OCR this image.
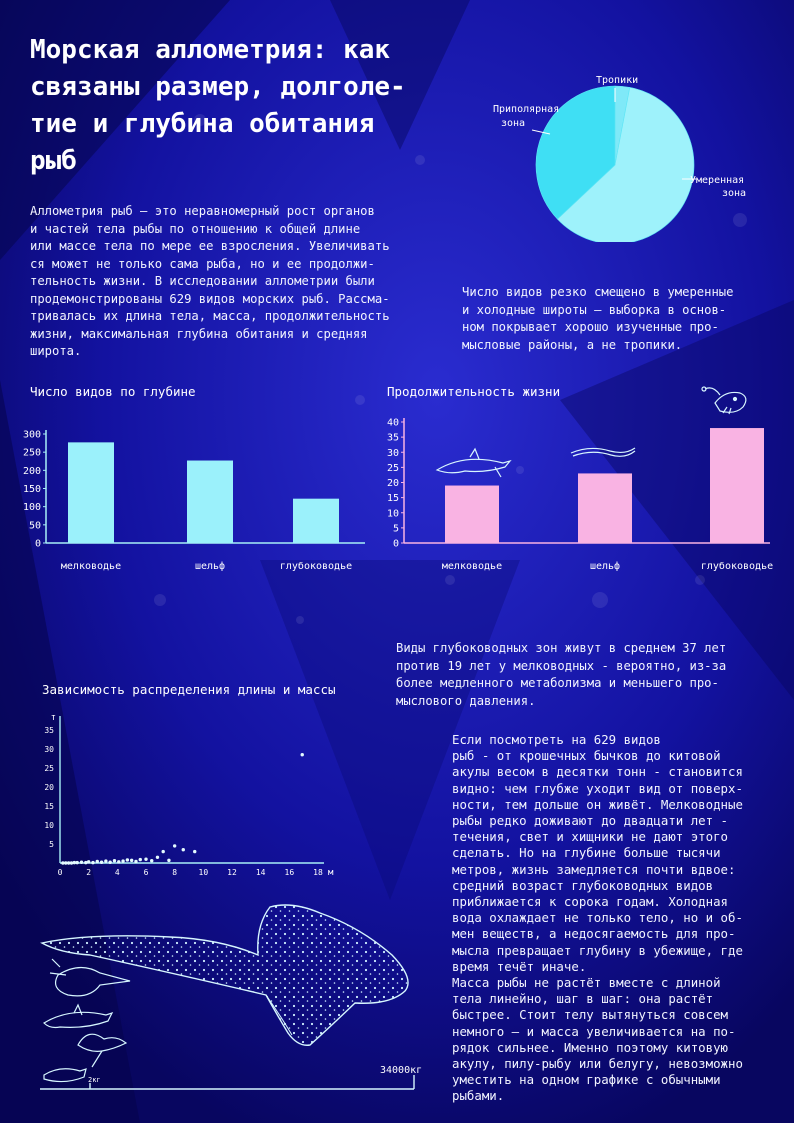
Морская аллометрия: как
связаны размер, долголе-
тие и глубина обитания
рыб
Аллометрия рыб — это неравномерный рост органов
и частей тела рыбы по отношению к общей длине
или массе тела по мере ее взросления. Увеличивать
ся может не только сама рыба, но и ее продолжи-
тельность жизни. В исследовании аллометрии были
продемонстрированы 629 видов морских рыб. Рассма-
тривалась их длина тела, масса, продолжительность
жизни, максимальная глубина обитания и средняя
широта.
Тропики
Приполярная
зона
Умеренная
зона
Число видов резко смещено в умеренные
и холодные широты — выборка в основ-
ном покрывает хорошо изученные про-
мысловые районы, а не тропики.
Число видов по глубине
0
50
100
150
200
250
300
мелководье	шельф	глубоководье
Продолжительность жизни
0
5
10
15
20
25
30
35
40
мелководье	шельф	глубоководье
Виды глубоководных зон живут в среднем 37 лет
против 19 лет у мелководных - вероятно, из-за
более медленного метаболизма и меньшего про-
мыслового давления.
Зависимость распределения длины и массы
т
м
5
10
15
20
25
30
35
0	2	4	6	8	10 12 14 16 18
34000кг
2кг
Если посмотреть на 629 видов
рыб - от крошечных бычков до китовой
акулы весом в десятки тонн - становится
видно: чем глубже уходит вид от поверх-
ности, тем дольше он живёт. Мелководные
рыбы редко доживают до двадцати лет -
течения, свет и хищники не дают этого
сделать. Но на глубине больше тысячи
метров, жизнь замедляется почти вдвое:
средний возраст глубоководных видов
приближается к сорока годам. Холодная
вода охлаждает не только тело, но и об-
мен веществ, а недосягаемость для про-
мысла превращает глубину в убежище, где
время течёт иначе.
Масса рыбы не растёт вместе с длиной
тела линейно, шаг в шаг: она растёт
быстрее. Стоит телу вытянуться совсем
немного — и масса увеличивается на по-
рядок сильнее. Именно поэтому китовую
акулу, пилу-рыбу или белугу, невозможно
уместить на одном графике с обычными
рыбами.
